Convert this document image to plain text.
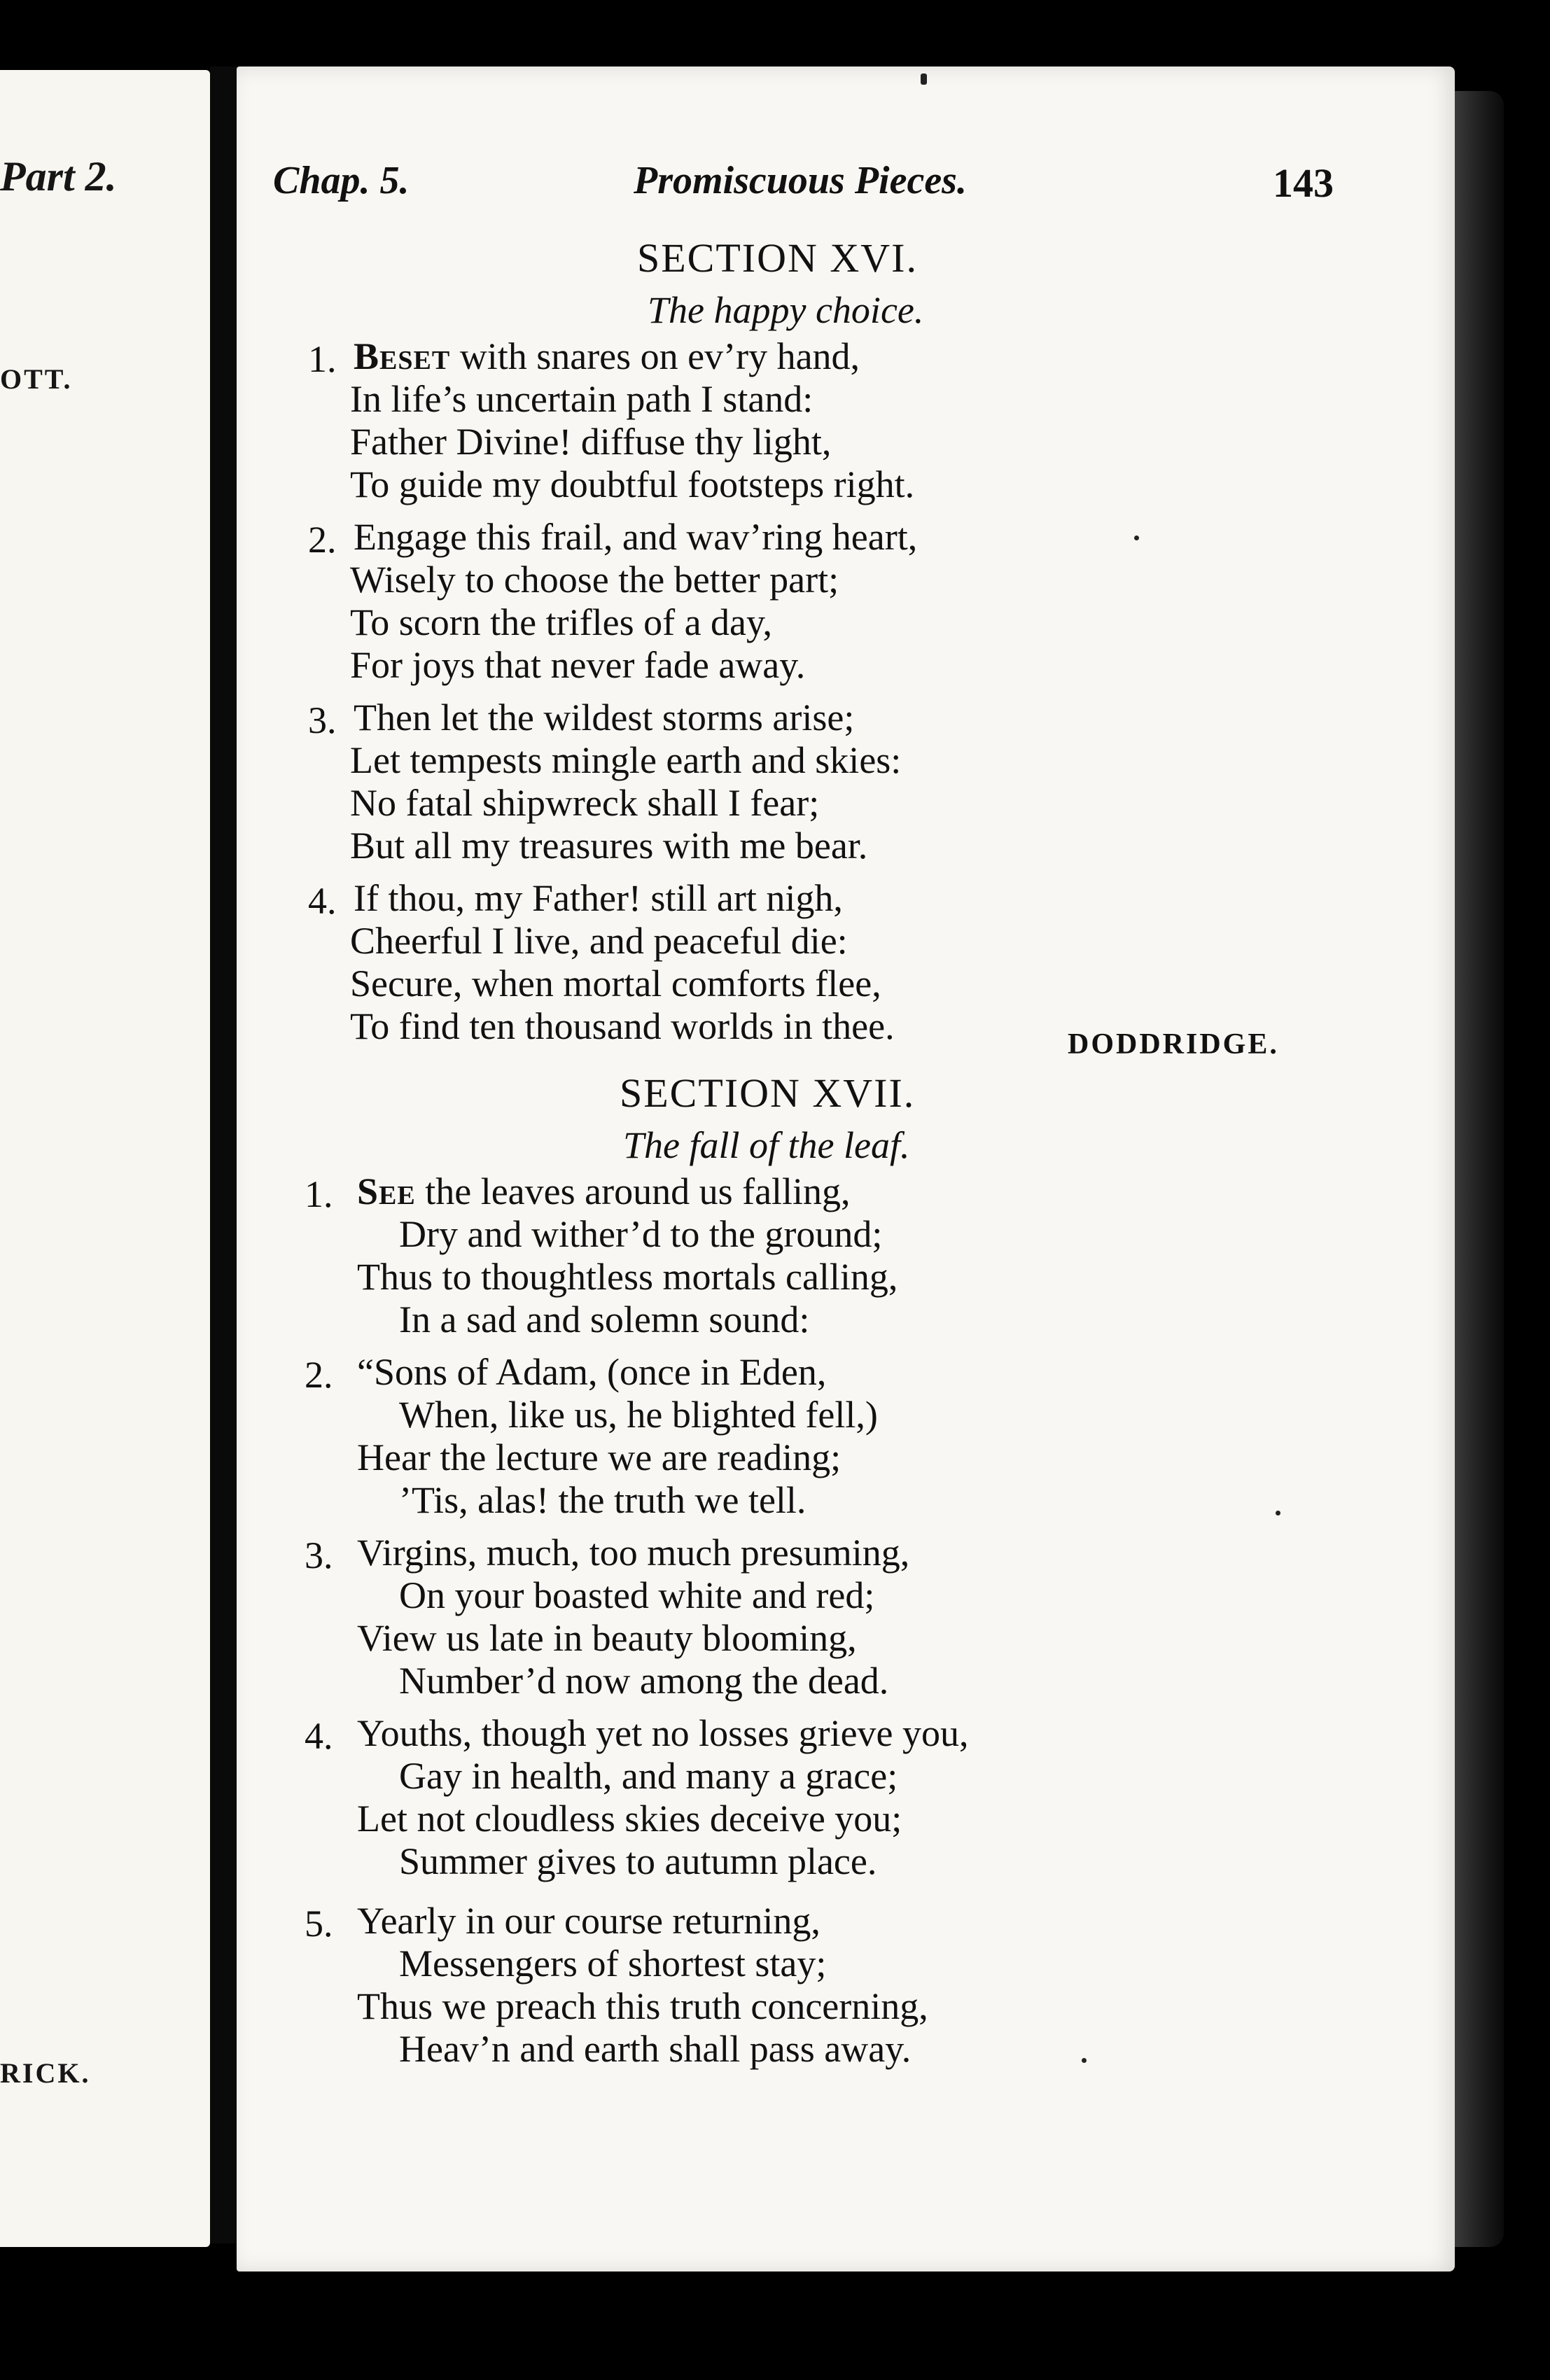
Part 2.
OTT.
RICK.
Chap. 5.	Promiscuous Pieces.	143
SECTION XVI.
The happy choice.
1. Beset with snares on ev’ry hand,
In life’s uncertain path I stand:
Father Divine! diffuse thy light,
To guide my doubtful footsteps right.
2. Engage this frail, and wav’ring heart,
Wisely to choose the better part;
To scorn the trifles of a day,
For joys that never fade away.
3. Then let the wildest storms arise;
Let tempests mingle earth and skies:
No fatal shipwreck shall I fear;
But all my treasures with me bear.
4. If thou, my Father! still art nigh,
Cheerful I live, and peaceful die:
Secure, when mortal comforts flee,
To find ten thousand worlds in thee.	DODDRIDGE.
SECTION XVII.
The fall of the leaf.
1. See the leaves around us falling,
Dry and wither’d to the ground;
Thus to thoughtless mortals calling,
In a sad and solemn sound:
2. “Sons of Adam, (once in Eden,
When, like us, he blighted fell,)
Hear the lecture we are reading;
’Tis, alas! the truth we tell.
3. Virgins, much, too much presuming,
On your boasted white and red;
View us late in beauty blooming,
Number’d now among the dead.
4. Youths, though yet no losses grieve you,
Gay in health, and many a grace;
Let not cloudless skies deceive you;
Summer gives to autumn place.
5. Yearly in our course returning,
Messengers of shortest stay;
Thus we preach this truth concerning,
Heav’n and earth shall pass away.
